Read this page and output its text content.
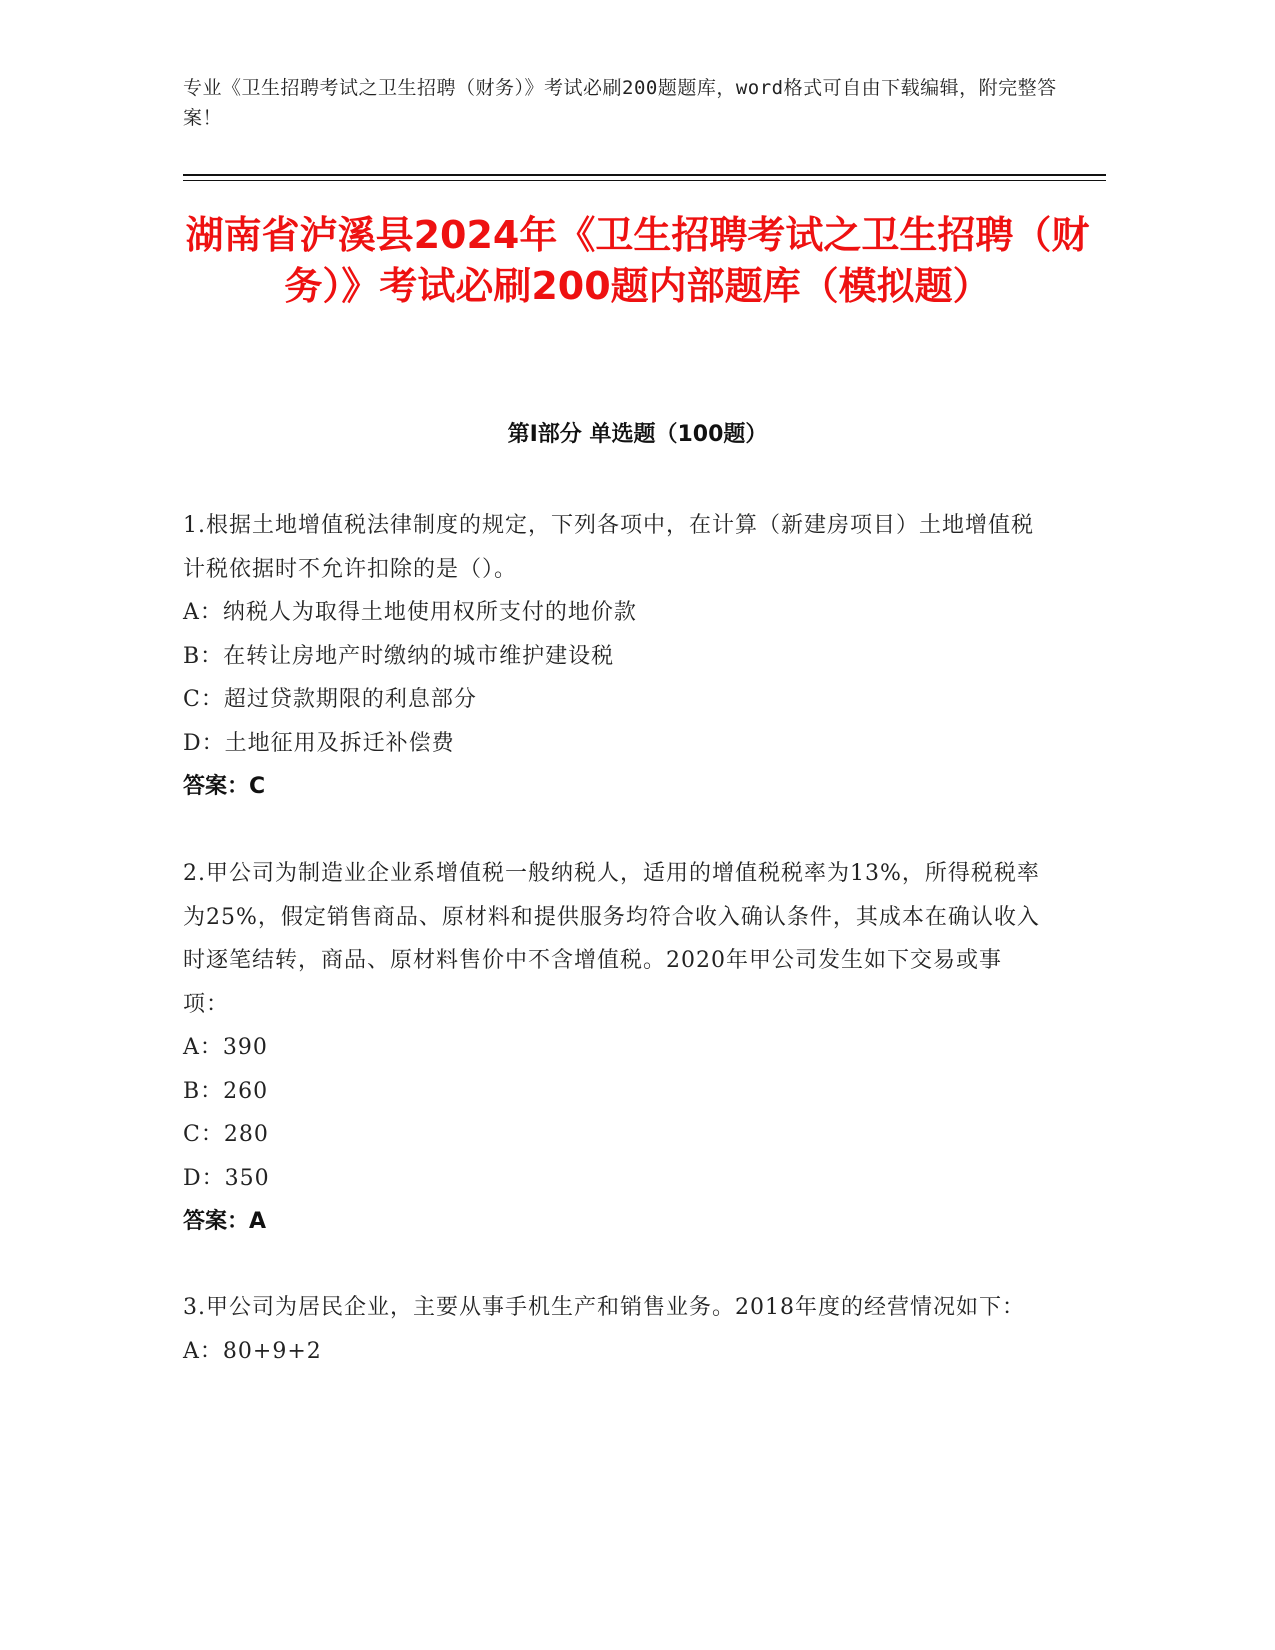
专业《卫生招聘考试之卫生招聘（财务）》考试必刷200题题库，word格式可自由下载编辑，附完整答案！
湖南省泸溪县2024年《卫生招聘考试之卫生招聘（财务）》考试必刷200题内部题库（模拟题）
第I部分 单选题（100题）

1.根据土地增值税法律制度的规定，下列各项中，在计算（新建房项目）土地增值税计税依据时不允许扣除的是（）。

A：纳税人为取得土地使用权所支付的地价款

B：在转让房地产时缴纳的城市维护建设税

C：超过贷款期限的利息部分

D：土地征用及拆迁补偿费

答案：C

2.甲公司为制造业企业系增值税一般纳税人，适用的增值税税率为13%，所得税税率为25%，假定销售商品、原材料和提供服务均符合收入确认条件，其成本在确认收入时逐笔结转，商品、原材料售价中不含增值税。2020年甲公司发生如下交易或事项：

A：390

B：260

C：280

D：350

答案：A

3.甲公司为居民企业，主要从事手机生产和销售业务。2018年度的经营情况如下：

A：80+9+2
